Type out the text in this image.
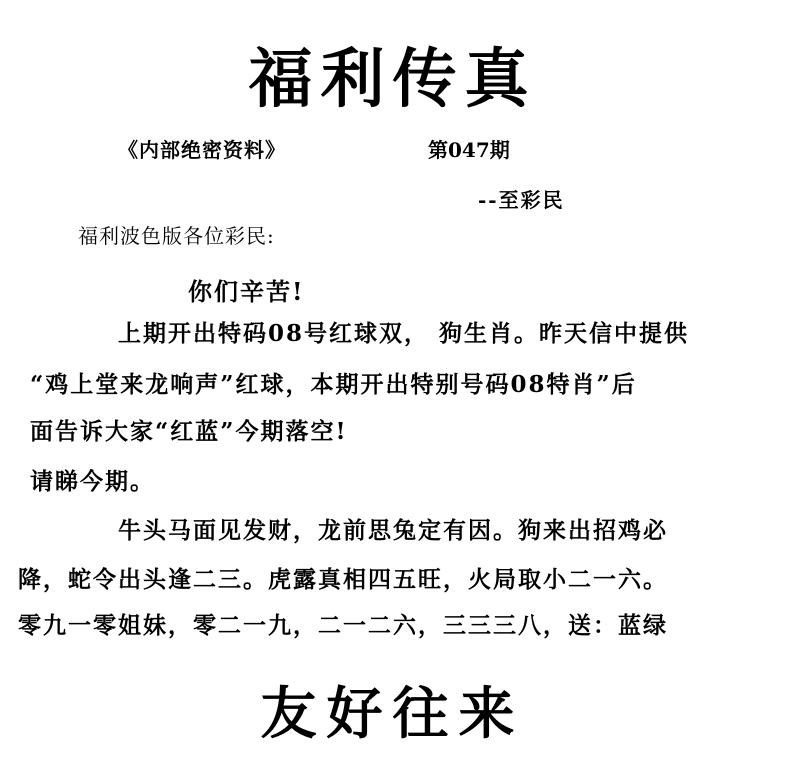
福利传真
《内部绝密资料》	第047期
--至彩民
福利波色版各位彩民:
你们辛苦!
上期开出特码08号红球双， 狗生肖。昨天信中提供
“鸡上堂来龙响声”红球，本期开出特别号码08特肖”后
面告诉大家“红蓝”今期落空!
请睇今期。
牛头马面见发财，龙前思兔定有因。狗来出招鸡必
降，蛇令出头逢二三。虎露真相四五旺，火局取小二一六。
零九一零姐妹，零二一九，二一二六，三三三八，送：蓝绿
友好往来
